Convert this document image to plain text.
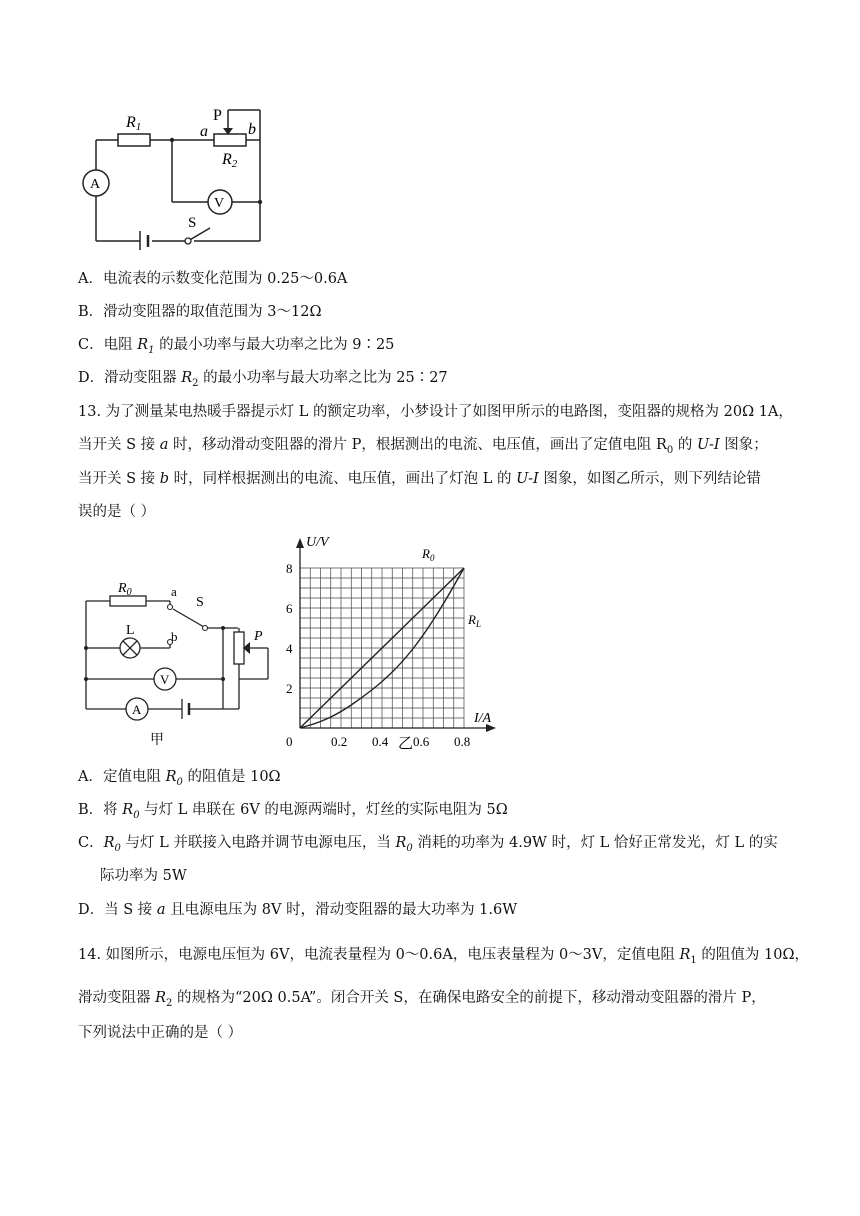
R1	a
P
b
R2
A
V
S
A．电流表的示数变化范围为 0.25～0.6A
B．滑动变阻器的取值范围为 3～12Ω
C．电阻 $R_1$ 的最小功率与最大功率之比为 9∶25
D．滑动变阻器 $R_2$ 的最小功率与最大功率之比为 25∶27
13. 为了测量某电热暖手器提示灯 L 的额定功率，小梦设计了如图甲所示的电路图，变阻器的规格为 20Ω 1A，
当开关 S 接 a 时，移动滑动变阻器的滑片 P，根据测出的电流、电压值，画出了定值电阻 $R_0$ 的 U-I 图象；
当开关 S 接 b 时，同样根据测出的电流、电压值，画出了灯泡 L 的 U-I 图象，如图乙所示，则下列结论错
误的是（ ）
$R_0$	a
b
S
L	P
V
A
甲	0	0.2 0.4 0.6 0.8
2
4
6
8
U/V
I/A
$R_0$
$R_L$
乙
A．定值电阻 $R_0$ 的阻值是 10Ω
B．将 $R_0$ 与灯 L 串联在 6V 的电源两端时，灯丝的实际电阻为 5Ω
C．$R_0$ 与灯 L 并联接入电路并调节电源电压，当 $R_0$ 消耗的功率为 4.9W 时，灯 L 恰好正常发光，灯 L 的实
际功率为 5W
D．当 S 接 a 且电源电压为 8V 时，滑动变阻器的最大功率为 1.6W
14. 如图所示，电源电压恒为 6V，电流表量程为 0～0.6A，电压表量程为 0～3V，定值电阻 $R_1$ 的阻值为 10Ω，
滑动变阻器 $R_2$ 的规格为“20Ω 0.5A”。闭合开关 S，在确保电路安全的前提下，移动滑动变阻器的滑片 P，
下列说法中正确的是（ ）
